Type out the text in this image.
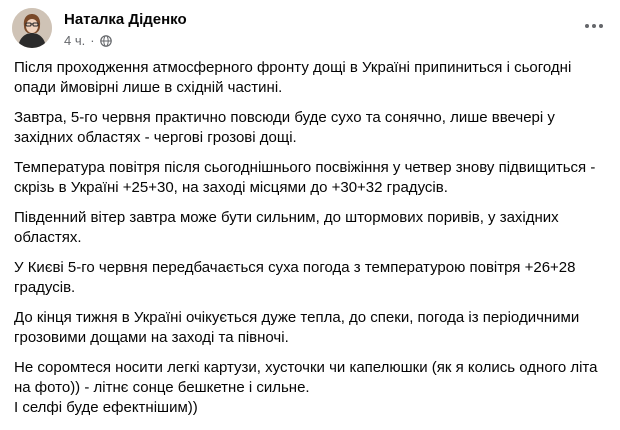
Наталка Діденко
4 ч. ·

Після проходження атмосферного фронту дощі в Україні припиниться і сьогодні опади ймовірні лише в східній частині.

Завтра, 5-го червня практично повсюди буде сухо та сонячно, лише ввечері у західних областях - чергові грозові дощі.

Температура повітря після сьогоднішнього посвіжіння у четвер знову підвищиться - скрізь в Україні +25+30, на заході місцями до +30+32 градусів.

Південний вітер завтра може бути сильним, до штормових поривів, у західних областях.

У Києві 5-го червня передбачається суха погода з температурою повітря +26+28 градусів.

До кінця тижня в Україні очікується дуже тепла, до спеки, погода із періодичними грозовими дощами на заході та півночі.

Не соромтеся носити легкі картузи, хусточки чи капелюшки (як я колись одного літа на фото)) - літнє сонце бешкетне і сильне.
І селфі буде ефектнішим))
